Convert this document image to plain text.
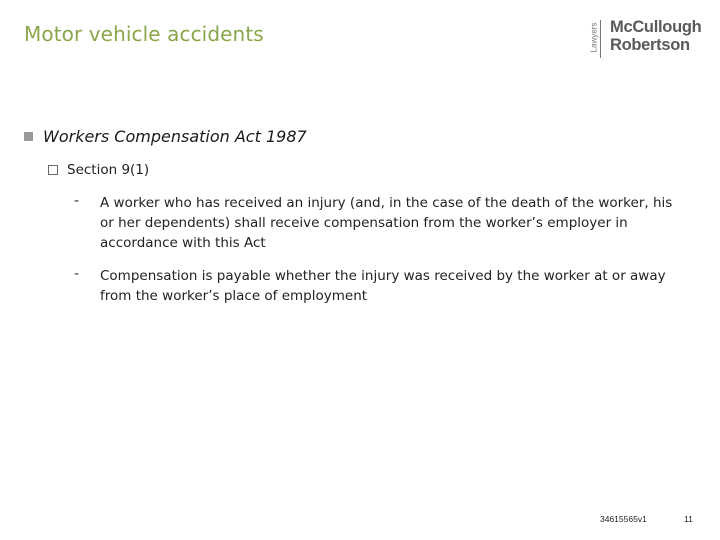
Motor vehicle accidents	Lawyers McCullough
Robertson
Workers Compensation Act 1987
Section 9(1)
-	A worker who has received an injury (and, in the case of the death of the worker, his or her dependents) shall receive compensation from the worker’s employer in accordance with this Act
-	Compensation is payable whether the injury was received by the worker at or away from the worker’s place of employment
34615565v1	11
